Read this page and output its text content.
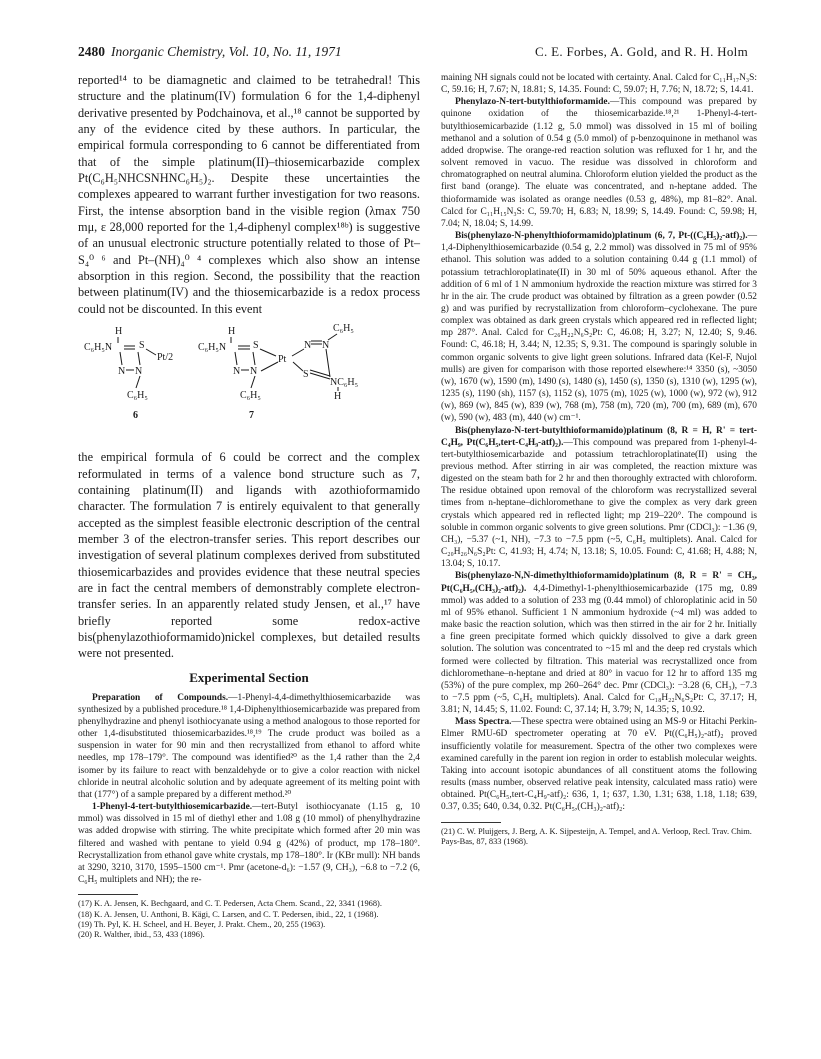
2480 Inorganic Chemistry, Vol. 10, No. 11, 1971	C. E. Forbes, A. Gold, and R. H. Holm

reported¹⁴ to be diamagnetic and claimed to be tetrahedral! This structure and the platinum(IV) formulation 6 for the 1,4-diphenyl derivative presented by Podchainova, et al.,¹⁸ cannot be supported by any of the evidence cited by these authors. In particular, the empirical formula corresponding to 6 cannot be differentiated from that of the simple platinum(II)–thiosemicarbazide complex Pt(C₆H₅NHCSNHNC₆H₅)₂. Despite these uncertainties the complexes appeared to warrant further investigation for two reasons. First, the intense absorption band in the visible region (λmax 750 mμ, ε 28,000 reported for the 1,4-diphenyl complex¹⁸ᵇ) is suggestive of an unusual electronic structure potentially related to those of Pt–S₄⁰ ⁶ and Pt–(NH)₄⁰ ⁴ complexes which also show an intense absorption in this region. Second, the possibility that the reaction between platinum(IV) and the thiosemicarbazide is a redox process could not be discounted. In this event

H
C₆H₅N	S
Pt/2
N N
C₆H₅
6
C₆H₅
H
C₆H₅N	S
Pt
N N
N N	S
NC₆H₅
H
C₆H₅
7

the empirical formula of 6 could be correct and the complex reformulated in terms of a valence bond structure such as 7, containing platinum(II) and ligands with azothioformamido character. The formulation 7 is entirely equivalent to that generally accepted as the simplest feasible electronic description of the central member 3 of the electron-transfer series. This report describes our investigation of several platinum complexes derived from substituted thiosemicarbazides and provides evidence that these neutral species are in fact the central members of demonstrably complete electron-transfer series. In an apparently related study Jensen, et al.,¹⁷ have briefly reported some redox-active bis(phenylazothioformamido)nickel complexes, but detailed results were not presented.

Experimental Section

Preparation of Compounds.—1-Phenyl-4,4-dimethylthiosemicarbazide was synthesized by a published procedure.¹⁸ 1,4-Diphenylthiosemicarbazide was prepared from phenylhydrazine and phenyl isothiocyanate using a method analogous to those reported for other 1,4-disubstituted thiosemicarbazides.¹⁸,¹⁹ The crude product was boiled as a suspension in water for 90 min and then recrystallized from ethanol to afford white needles, mp 178–179°. The compound was identified²⁰ as the 1,4 rather than the 2,4 isomer by its failure to react with benzaldehyde or to give a color reaction with nickel chloride in neutral alcoholic solution and by adequate agreement of its melting point with that (177°) of a sample prepared by a different method.²⁰

1-Phenyl-4-tert-butylthiosemicarbazide.—tert-Butyl isothiocyanate (1.15 g, 10 mmol) was dissolved in 15 ml of diethyl ether and 1.08 g (10 mmol) of phenylhydrazine was added dropwise with stirring. The white precipitate which formed after 20 min was filtered and washed with pentane to yield 0.94 g (42%) of product, mp 178–180°. Recrystallization from ethanol gave white crystals, mp 178–180°. Ir (KBr mull): NH bands at 3290, 3210, 3170, 1595–1500 cm⁻¹. Pmr (acetone-d₆): −1.57 (9, CH₃), −6.8 to −7.2 (6, C₆H₅ multiplets and NH); the re-

(17) K. A. Jensen, K. Bechgaard, and C. T. Pedersen, Acta Chem. Scand., 22, 3341 (1968).

(18) K. A. Jensen, U. Anthoni, B. Kägi, C. Larsen, and C. T. Pedersen, ibid., 22, 1 (1968).

(19) Th. Pyl, K. H. Scheel, and H. Beyer, J. Prakt. Chem., 20, 255 (1963).

(20) R. Walther, ibid., 53, 433 (1896).

maining NH signals could not be located with certainty. Anal. Calcd for C₁₁H₁₇N₃S: C, 59.16; H, 7.67; N, 18.81; S, 14.35. Found: C, 59.07; H, 7.76; N, 18.72; S, 14.41.

Phenylazo-N-tert-butylthioformamide.—This compound was prepared by quinone oxidation of the thiosemicarbazide.¹⁸,²¹ 1-Phenyl-4-tert-butylthiosemicarbazide (1.12 g, 5.0 mmol) was dissolved in 15 ml of boiling methanol and a solution of 0.54 g (5.0 mmol) of p-benzoquinone in methanol was added dropwise. The orange-red reaction solution was refluxed for 1 hr, and the solvent removed in vacuo. The residue was dissolved in chloroform and chromatographed on neutral alumina. Chloroform elution yielded the product as the first band (orange). The eluate was concentrated, and n-heptane added. The thioformamide was isolated as orange needles (0.53 g, 48%), mp 81–82°. Anal. Calcd for C₁₁H₁₅N₃S: C, 59.70; H, 6.83; N, 18.99; S, 14.49. Found: C, 59.98; H, 7.04; N, 18.04; S, 14.99.

Bis(phenylazo-N-phenylthioformamido)platinum (6, 7, Pt-((C₆H₅)₂-atf)₂).—1,4-Diphenylthiosemicarbazide (0.54 g, 2.2 mmol) was dissolved in 75 ml of 95% ethanol. This solution was added to a solution containing 0.44 g (1.1 mmol) of potassium tetrachloroplatinate(II) in 30 ml of 50% aqueous ethanol. After the addition of 6 ml of 1 N ammonium hydroxide the reaction mixture was stirred for 3 hr in the air. The crude product was obtained by filtration as a green powder (0.52 g) and was purified by recrystallization from chloroform–cyclohexane. The pure complex was obtained as dark green crystals which appeared red in reflected light; mp 287°. Anal. Calcd for C₂₆H₂₂N₆S₂Pt: C, 46.08; H, 3.27; N, 12.40; S, 9.46. Found: C, 46.18; H, 3.44; N, 12.35; S, 9.31. The compound is sparingly soluble in common organic solvents to give light green solutions. Infrared data (Kel-F, Nujol mulls) are given for comparison with those reported elsewhere:¹⁴ 3350 (s), ~3050 (w), 1670 (w), 1590 (m), 1490 (s), 1480 (s), 1450 (s), 1350 (s), 1310 (w), 1295 (w), 1235 (s), 1190 (sh), 1157 (s), 1152 (s), 1075 (m), 1025 (w), 1000 (w), 972 (w), 912 (w), 869 (w), 845 (w), 839 (w), 768 (m), 758 (m), 720 (m), 700 (m), 689 (m), 670 (w), 590 (w), 483 (m), 440 (w) cm⁻¹.

Bis(phenylazo-N-tert-butylthioformamido)platinum (8, R = H, R' = tert-C₄H₉, Pt(C₆H₅,tert-C₄H₉-atf)₂).—This compound was prepared from 1-phenyl-4-tert-butylthiosemicarbazide and potassium tetrachloroplatinate(II) using the previous method. After stirring in air was completed, the reaction mixture was digested on the steam bath for 2 hr and then thoroughly extracted with chloroform. The residue obtained upon removal of the chloroform was recrystallized several times from n-heptane–dichloromethane to give the complex as very dark green crystals which appeared red in reflected light; mp 219–220°. The compound is soluble in common organic solvents to give green solutions. Pmr (CDCl₃): −1.36 (9, CH₃), −5.37 (~1, NH), −7.3 to −7.5 ppm (~5, C₆H₅ multiplets). Anal. Calcd for C₂₀H₂₆N₆S₂Pt: C, 41.93; H, 4.74; N, 13.18; S, 10.05. Found: C, 41.68; H, 4.88; N, 13.04; S, 10.17.

Bis(phenylazo-N,N-dimethylthioformamido)platinum (8, R = R' = CH₃, Pt(C₆H₅,(CH₃)₂-atf)₂). 4,4-Dimethyl-1-phenylthiosemicarbazide (175 mg, 0.89 mmol) was added to a solution of 233 mg (0.44 mmol) of chloroplatinic acid in 50 ml of 95% ethanol. Sufficient 1 N ammonium hydroxide (~4 ml) was added to make basic the reaction solution, which was then stirred in the air for 2 hr. Initially a fine green precipitate formed which quickly dissolved to give a dark green solution. The solution was concentrated to ~15 ml and the deep red crystals which formed were collected by filtration. This material was recrystallized once from dichloromethane–n-heptane and dried at 80° in vacuo for 12 hr to afford 135 mg (53%) of the pure complex, mp 260–264° dec. Pmr (CDCl₃): −3.28 (6, CH₃), −7.3 to −7.5 ppm (~5, C₆H₅ multiplets). Anal. Calcd for C₁₈H₂₂N₆S₂Pt: C, 37.17; H, 3.81; N, 14.45; S, 11.02. Found: C, 37.14; H, 3.79; N, 14.35; S, 10.92.

Mass Spectra.—These spectra were obtained using an MS-9 or Hitachi Perkin-Elmer RMU-6D spectrometer operating at 70 eV. Pt((C₆H₅)₂-atf)₂ proved insufficiently volatile for measurement. Spectra of the other two complexes were examined carefully in the parent ion region in order to establish molecular weights. Taking into account isotopic abundances of all constituent atoms the following results (mass number, observed relative peak intensity, calculated mass ratio) were obtained. Pt(C₆H₅,tert-C₄H₉-atf)₂: 636, 1, 1; 637, 1.30, 1.31; 638, 1.18, 1.18; 639, 0.37, 0.35; 640, 0.34, 0.32. Pt(C₆H₅,(CH₃)₂-atf)₂:

(21) C. W. Pluijgers, J. Berg, A. K. Sijpesteijn, A. Tempel, and A. Verloop, Recl. Trav. Chim. Pays-Bas, 87, 833 (1968).
